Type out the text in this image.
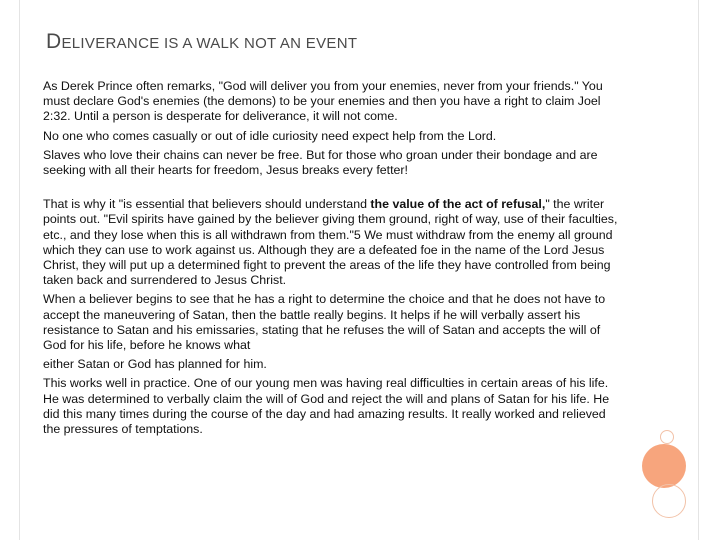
DELIVERANCE IS A WALK NOT AN EVENT

As Derek Prince often remarks, "God will deliver you from your enemies, never from your friends." You must declare God's enemies (the demons) to be your enemies and then you have a right to claim Joel 2:32. Until a person is desperate for deliverance, it will not come.

No one who comes casually or out of idle curiosity need expect help from the Lord.

Slaves who love their chains can never be free. But for those who groan under their bondage and are seeking with all their hearts for freedom, Jesus breaks every fetter!

That is why it "is essential that believers should understand the value of the act of refusal," the writer points out. "Evil spirits have gained by the believer giving them ground, right of way, use of their faculties, etc., and they lose when this is all withdrawn from them."5 We must withdraw from the enemy all ground which they can use to work against us. Although they are a defeated foe in the name of the Lord Jesus Christ, they will put up a determined fight to prevent the areas of the life they have controlled from being taken back and surrendered to Jesus Christ.

When a believer begins to see that he has a right to determine the choice and that he does not have to accept the maneuvering of Satan, then the battle really begins. It helps if he will verbally assert his resistance to Satan and his emissaries, stating that he refuses the will of Satan and accepts the will of God for his life, before he knows what

either Satan or God has planned for him.

This works well in practice. One of our young men was having real difficulties in certain areas of his life. He was determined to verbally claim the will of God and reject the will and plans of Satan for his life. He did this many times during the course of the day and had amazing results. It really worked and relieved the pressures of temptations.
